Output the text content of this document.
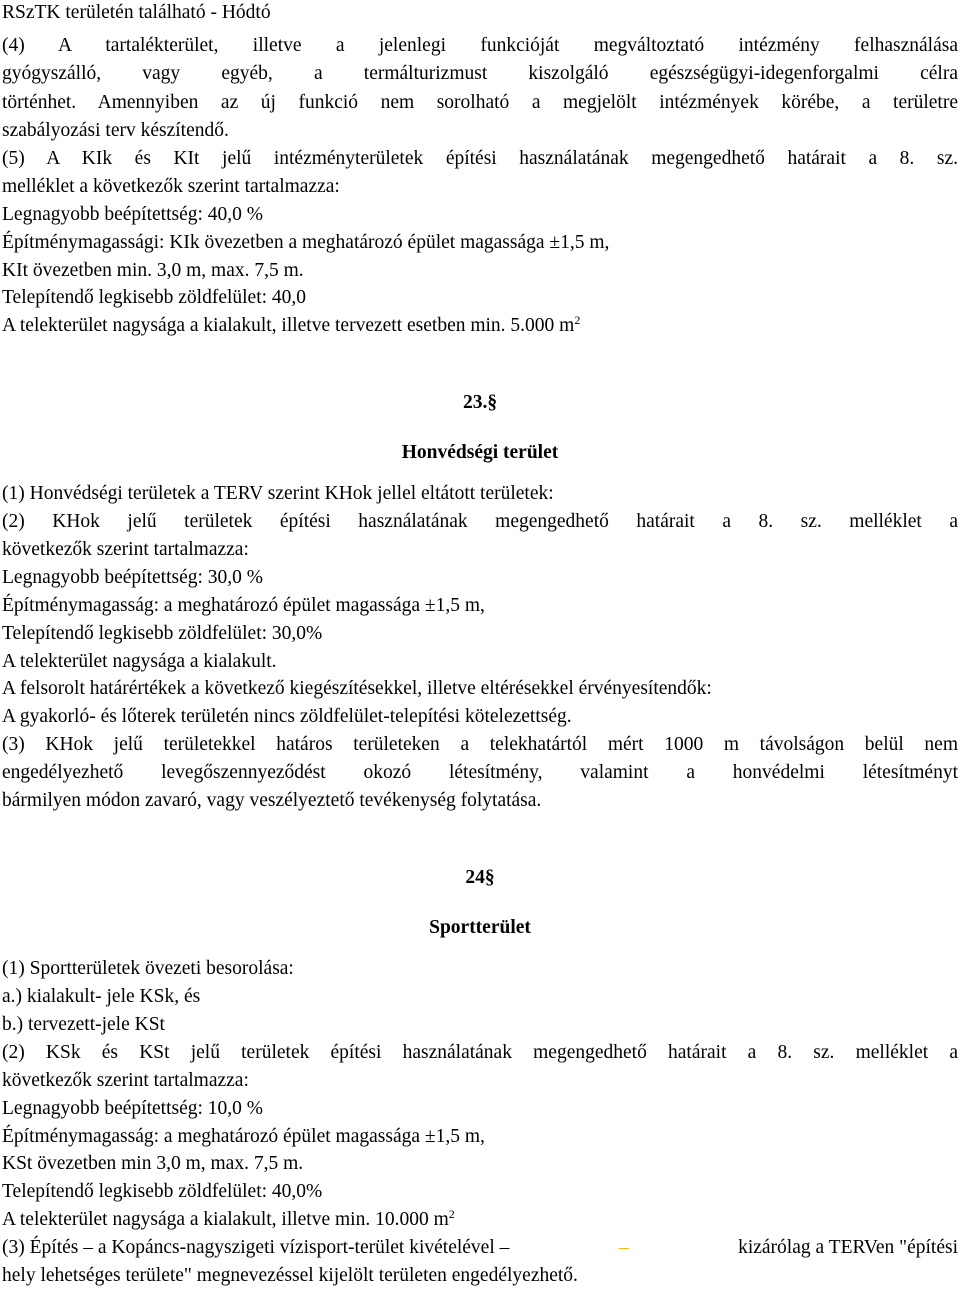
RSzTK területén található - Hódtó
(4) A tartalékterület, illetve a jelenlegi funkcióját megváltoztató intézmény felhasználása
gyógyszálló, vagy egyéb, a termálturizmust kiszolgáló egészségügyi-idegenforgalmi célra
történhet. Amennyiben az új funkció nem sorolható a megjelölt intézmények körébe, a területre
szabályozási terv készítendő.
(5) A KIk és KIt jelű intézményterületek építési használatának megengedhető határait a 8. sz.
melléklet a következők szerint tartalmazza:
Legnagyobb beépítettség: 40,0 %
Építménymagassági: KIk övezetben a meghatározó épület magassága ±1,5 m,
KIt övezetben min. 3,0 m, max. 7,5 m.
Telepítendő legkisebb zöldfelület: 40,0
A telekterület nagysága a kialakult, illetve tervezett esetben min. 5.000 $m^2$
23.§
Honvédségi terület
(1) Honvédségi területek a TERV szerint KHok jellel eltátott területek:
(2) KHok jelű területek építési használatának megengedhető határait a 8. sz. melléklet a
következők szerint tartalmazza:
Legnagyobb beépítettség: 30,0 %
Építménymagasság: a meghatározó épület magassága ±1,5 m,
Telepítendő legkisebb zöldfelület: 30,0%
A telekterület nagysága a kialakult.
A felsorolt határértékek a következő kiegészítésekkel, illetve eltérésekkel érvényesítendők:
A gyakorló- és lőterek területén nincs zöldfelület-telepítési kötelezettség.
(3) KHok jelű területekkel határos területeken a telekhatártól mért 1000 m távolságon belül nem
engedélyezhető levegőszennyeződést okozó létesítmény, valamint a honvédelmi létesítményt
bármilyen módon zavaró, vagy veszélyeztető tevékenység folytatása.
24§
Sportterület
(1) Sportterületek övezeti besorolása:
a.) kialakult- jele KSk, és
b.) tervezett-jele KSt
(2) KSk és KSt jelű területek építési használatának megengedhető határait a 8. sz. melléklet a
következők szerint tartalmazza:
Legnagyobb beépítettség: 10,0 %
Építménymagasság: a meghatározó épület magassága ±1,5 m,
KSt övezetben min 3,0 m, max. 7,5 m.
Telepítendő legkisebb zöldfelület: 40,0%
A telekterület nagysága a kialakult, illetve min. 10.000 $m^2$
(3) Építés – a Kopáncs-nagyszigeti vízisport-terület kivételével –	–	kizárólag a TERVen "építési
hely lehetséges területe" megnevezéssel kijelölt területen engedélyezhető.
